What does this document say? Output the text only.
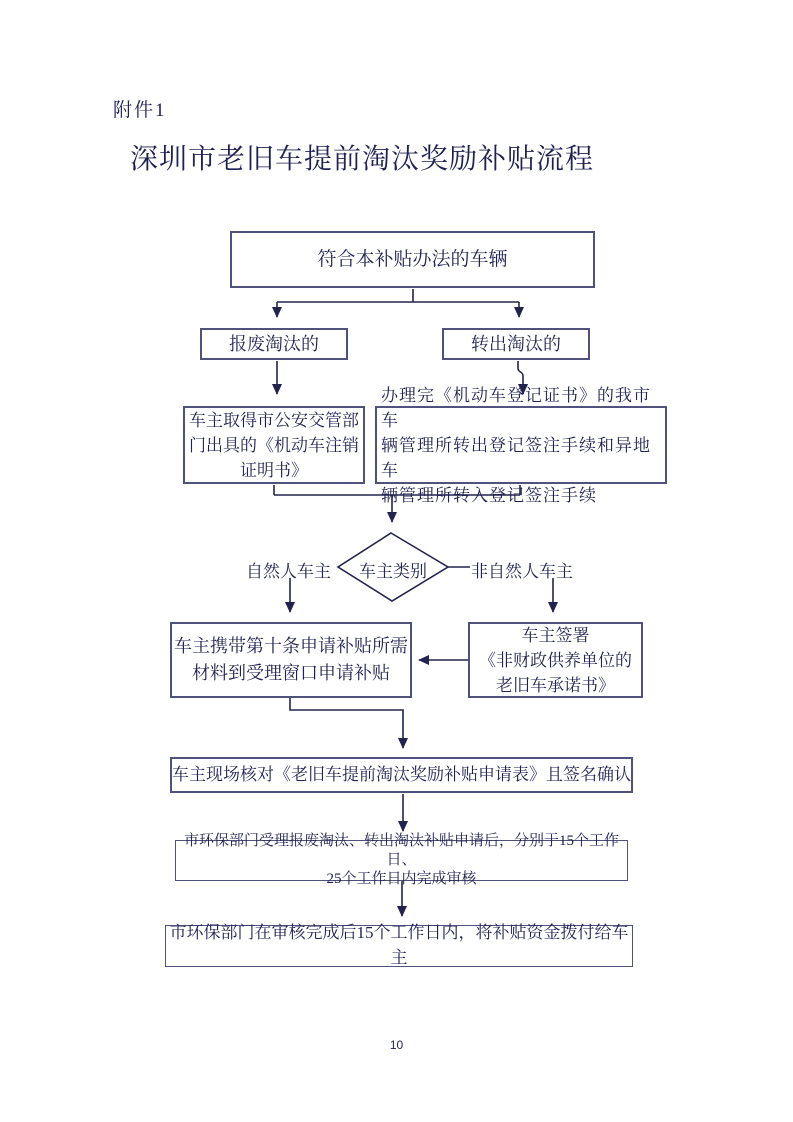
附件1
深圳市老旧车提前淘汰奖励补贴流程
符合本补贴办法的车辆
报废淘汰的	转出淘汰的
车主取得市公安交管部
门出具的《机动车注销
证明书》
办理完《机动车登记证书》的我市车
辆管理所转出登记签注手续和异地车
辆管理所转入登记签注手续
车主类别
自然人车主	非自然人车主
车主携带第十条申请补贴所需
材料到受理窗口申请补贴
车主签署
《非财政供养单位的
老旧车承诺书》
车主现场核对《老旧车提前淘汰奖励补贴申请表》且签名确认
市环保部门受理报废淘汰、转出淘汰补贴申请后，分别于15个工作日、
25个工作日内完成审核
市环保部门在审核完成后15个工作日内，将补贴资金拨付给车主
10
